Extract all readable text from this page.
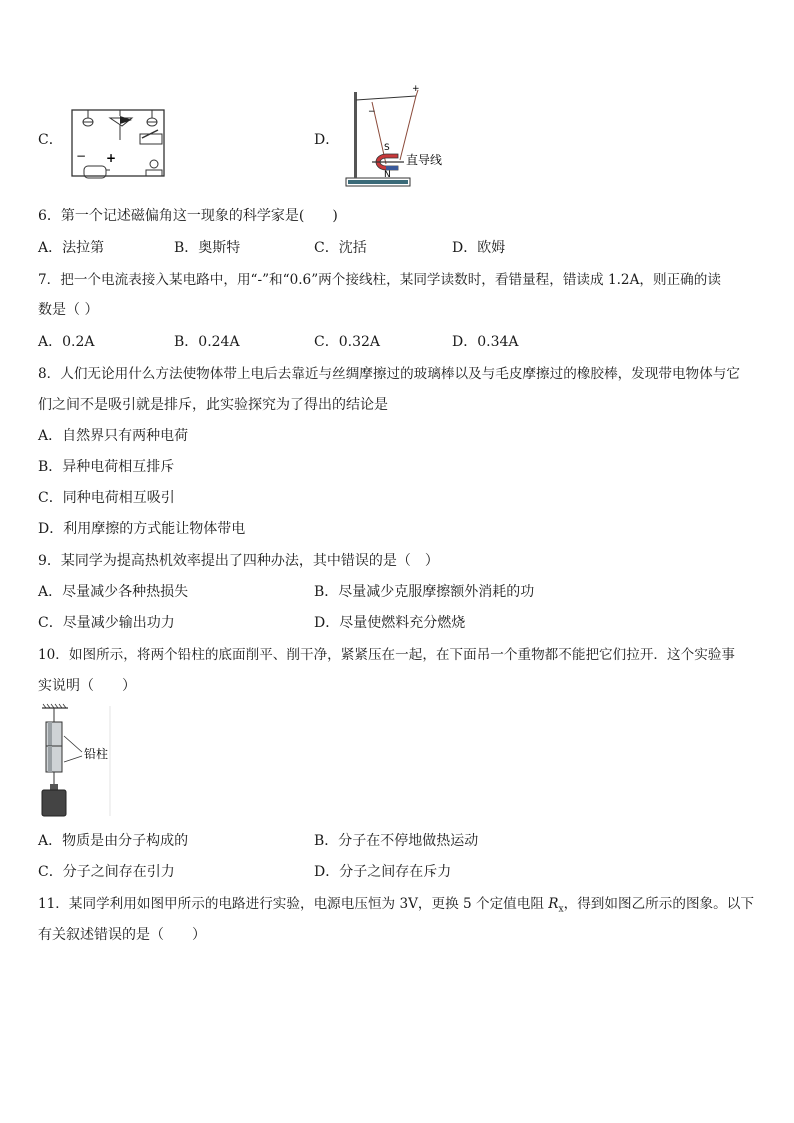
C．
− +
D．
+
−
S
N
直导线
6．第一个记述磁偏角这一现象的科学家是(　　)
A．法拉第	B．奥斯特	C．沈括	D．欧姆
7．把一个电流表接入某电路中，用“-”和“0.6”两个接线柱，某同学读数时，看错量程，错读成 1.2A，则正确的读
数是（ ）
A．0.2A	B．0.24A	C．0.32A	D．0.34A
8．人们无论用什么方法使物体带上电后去靠近与丝绸摩擦过的玻璃棒以及与毛皮摩擦过的橡胶棒，发现带电物体与它
们之间不是吸引就是排斥，此实验探究为了得出的结论是
A．自然界只有两种电荷
B．异种电荷相互排斥
C．同种电荷相互吸引
D．利用摩擦的方式能让物体带电
9．某同学为提高热机效率提出了四种办法，其中错误的是（　）
A．尽量减少各种热损失	B．尽量减少克服摩擦额外消耗的功
C．尽量减少输出功力	D．尽量使燃料充分燃烧
10．如图所示，将两个铅柱的底面削平、削干净，紧紧压在一起，在下面吊一个重物都不能把它们拉开．这个实验事
实说明（　　）
铅柱
A．物质是由分子构成的	B．分子在不停地做热运动
C．分子之间存在引力	D．分子之间存在斥力
11．某同学利用如图甲所示的电路进行实验，电源电压恒为 3V，更换 5 个定值电阻 $R_x$，得到如图乙所示的图象。以下
有关叙述错误的是（　　）
